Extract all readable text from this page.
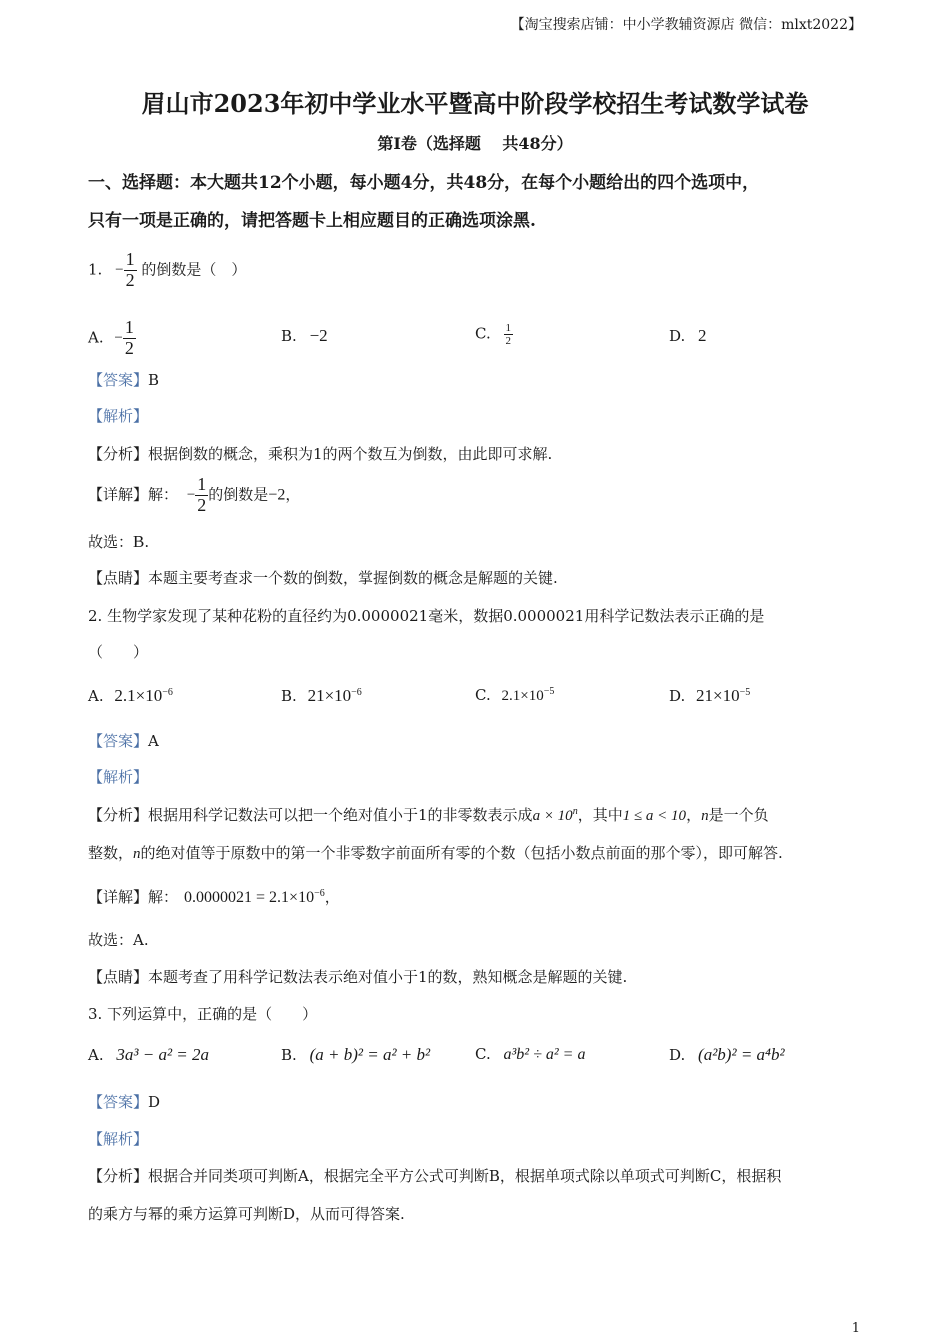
【淘宝搜索店铺：中小学教辅资源店 微信：mlxt2022】
眉山市2023年初中学业水平暨高中阶段学校招生考试数学试卷
第I卷（选择题　 共48分）
一、选择题：本大题共12个小题，每小题4分，共48分，在每个小题给出的四个选项中，
只有一项是正确的，请把答题卡上相应题目的正确选项涂黑.
1. − $\frac{1}{2}$ 的倒数是（　）
A. − $\frac{1}{2}$	B. −2	C. $\frac{1}{2}$	D. 2
【答案】B
【解析】
【分析】根据倒数的概念，乘积为1的两个数互为倒数，由此即可求解.
【详解】解： − $\frac{1}{2}$ 的倒数是−2，
故选：B.
【点睛】本题主要考查求一个数的倒数，掌握倒数的概念是解题的关键.
2. 生物学家发现了某种花粉的直径约为0.0000021毫米，数据0.0000021用科学记数法表示正确的是
（　　）
A. $2.1\times 10^{-6}$	B. $21\times 10^{-6}$	C. $2.1\times 10^{-5}$	D. $21\times 10^{-5}$
【答案】A
【解析】
【分析】根据用科学记数法可以把一个绝对值小于1的非零数表示成$a \times 10^n$，其中1 ≤ a < 10，n是一个负
整数，n的绝对值等于原数中的第一个非零数字前面所有零的个数（包括小数点前面的那个零），即可解答.
【详解】解： $0.0000021 = 2.1\times 10^{-6}$，
故选：A.
【点睛】本题考查了用科学记数法表示绝对值小于1的数，熟知概念是解题的关键.
3. 下列运算中，正确的是（　　）
A. 3a³ − a² = 2a	B. (a + b)² = a² + b²	C. a³b² ÷ a² = a	D. (a²b)² = a⁴b²
【答案】D
【解析】
【分析】根据合并同类项可判断A，根据完全平方公式可判断B，根据单项式除以单项式可判断C，根据积
的乘方与幂的乘方运算可判断D，从而可得答案.
1
